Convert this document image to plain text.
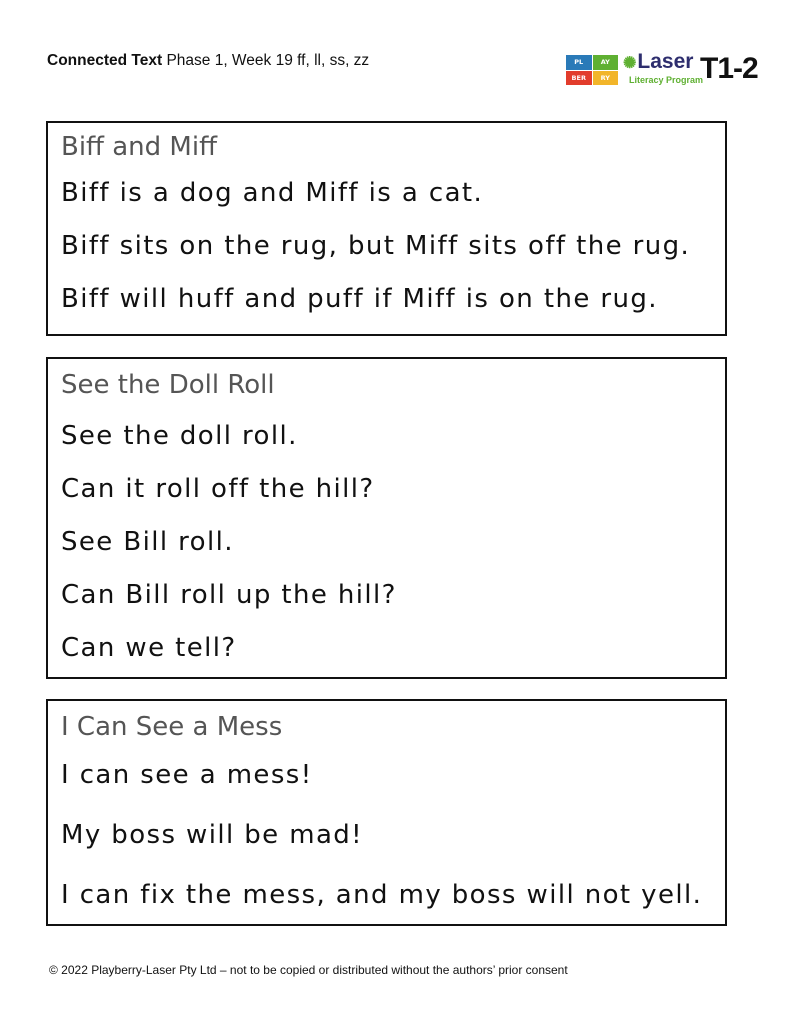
Connected Text Phase 1, Week 19 ff, ll, ss, zz	PL	AY
BER	RY
✺Laser
Literacy Program
T1-2
Biff and Miff
Biff is a dog and Miff is a cat.
Biff sits on the rug, but Miff sits off the rug.
Biff will huff and puff if Miff is on the rug.
See the Doll Roll
See the doll roll.
Can it roll off the hill?
See Bill roll.
Can Bill roll up the hill?
Can we tell?
I Can See a Mess
I can see a mess!
My boss will be mad!
I can fix the mess, and my boss will not yell.
© 2022 Playberry-Laser Pty Ltd – not to be copied or distributed without the authors’ prior consent
